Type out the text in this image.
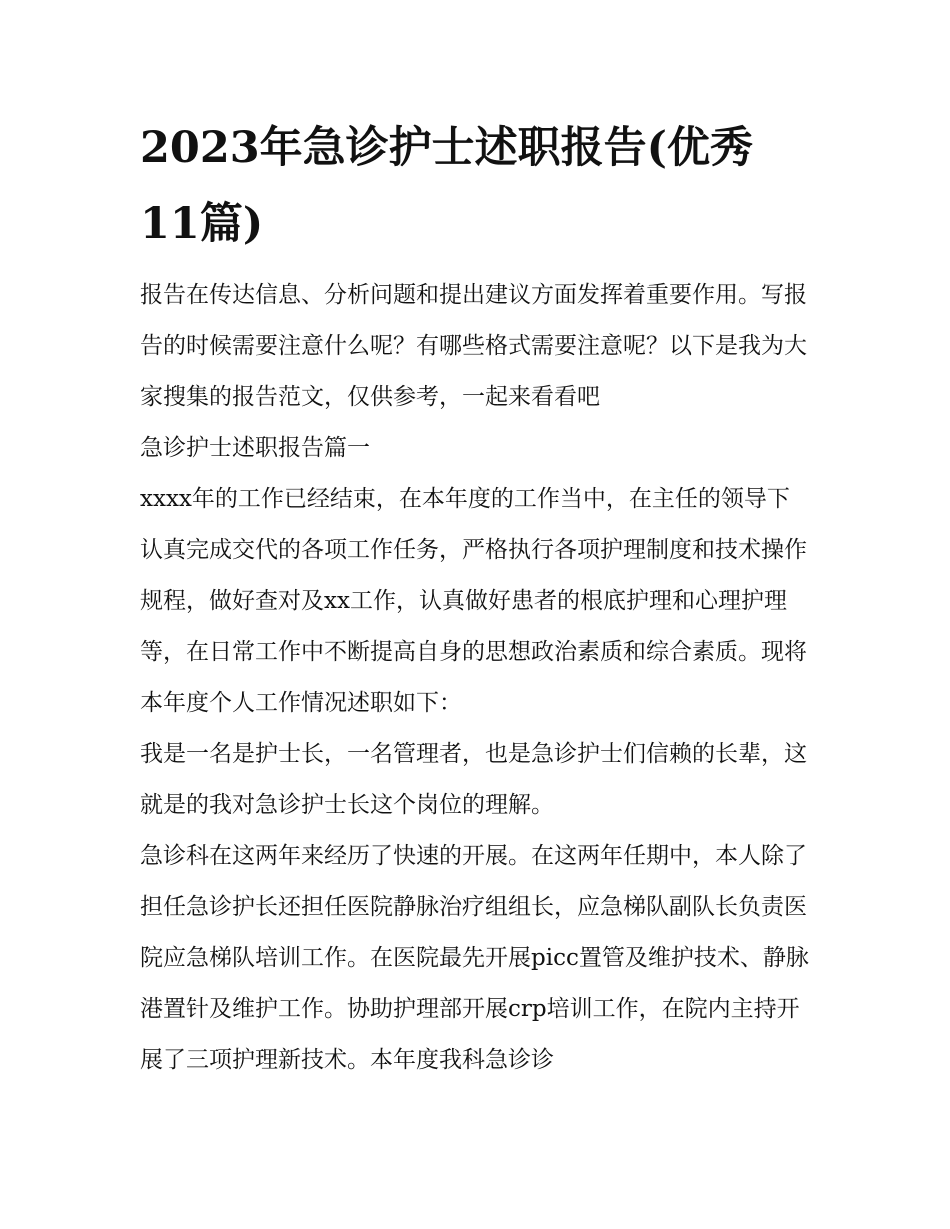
2023年急诊护士述职报告(优秀11篇)

报告在传达信息、分析问题和提出建议方面发挥着重要作用。写报告的时候需要注意什么呢？有哪些格式需要注意呢？以下是我为大家搜集的报告范文，仅供参考，一起来看看吧

急诊护士述职报告篇一

xxxx年的工作已经结束，在本年度的工作当中，在主任的领导下认真完成交代的各项工作任务，严格执行各项护理制度和技术操作规程，做好查对及xx工作，认真做好患者的根底护理和心理护理等，在日常工作中不断提高自身的思想政治素质和综合素质。现将本年度个人工作情况述职如下：

我是一名是护士长，一名管理者，也是急诊护士们信赖的长辈，这就是的我对急诊护士长这个岗位的理解。

急诊科在这两年来经历了快速的开展。在这两年任期中，本人除了担任急诊护长还担任医院静脉治疗组组长，应急梯队副队长负责医院应急梯队培训工作。在医院最先开展picc置管及维护技术、静脉港置针及维护工作。协助护理部开展crp培训工作，在院内主持开展了三项护理新技术。本年度我科急诊诊
